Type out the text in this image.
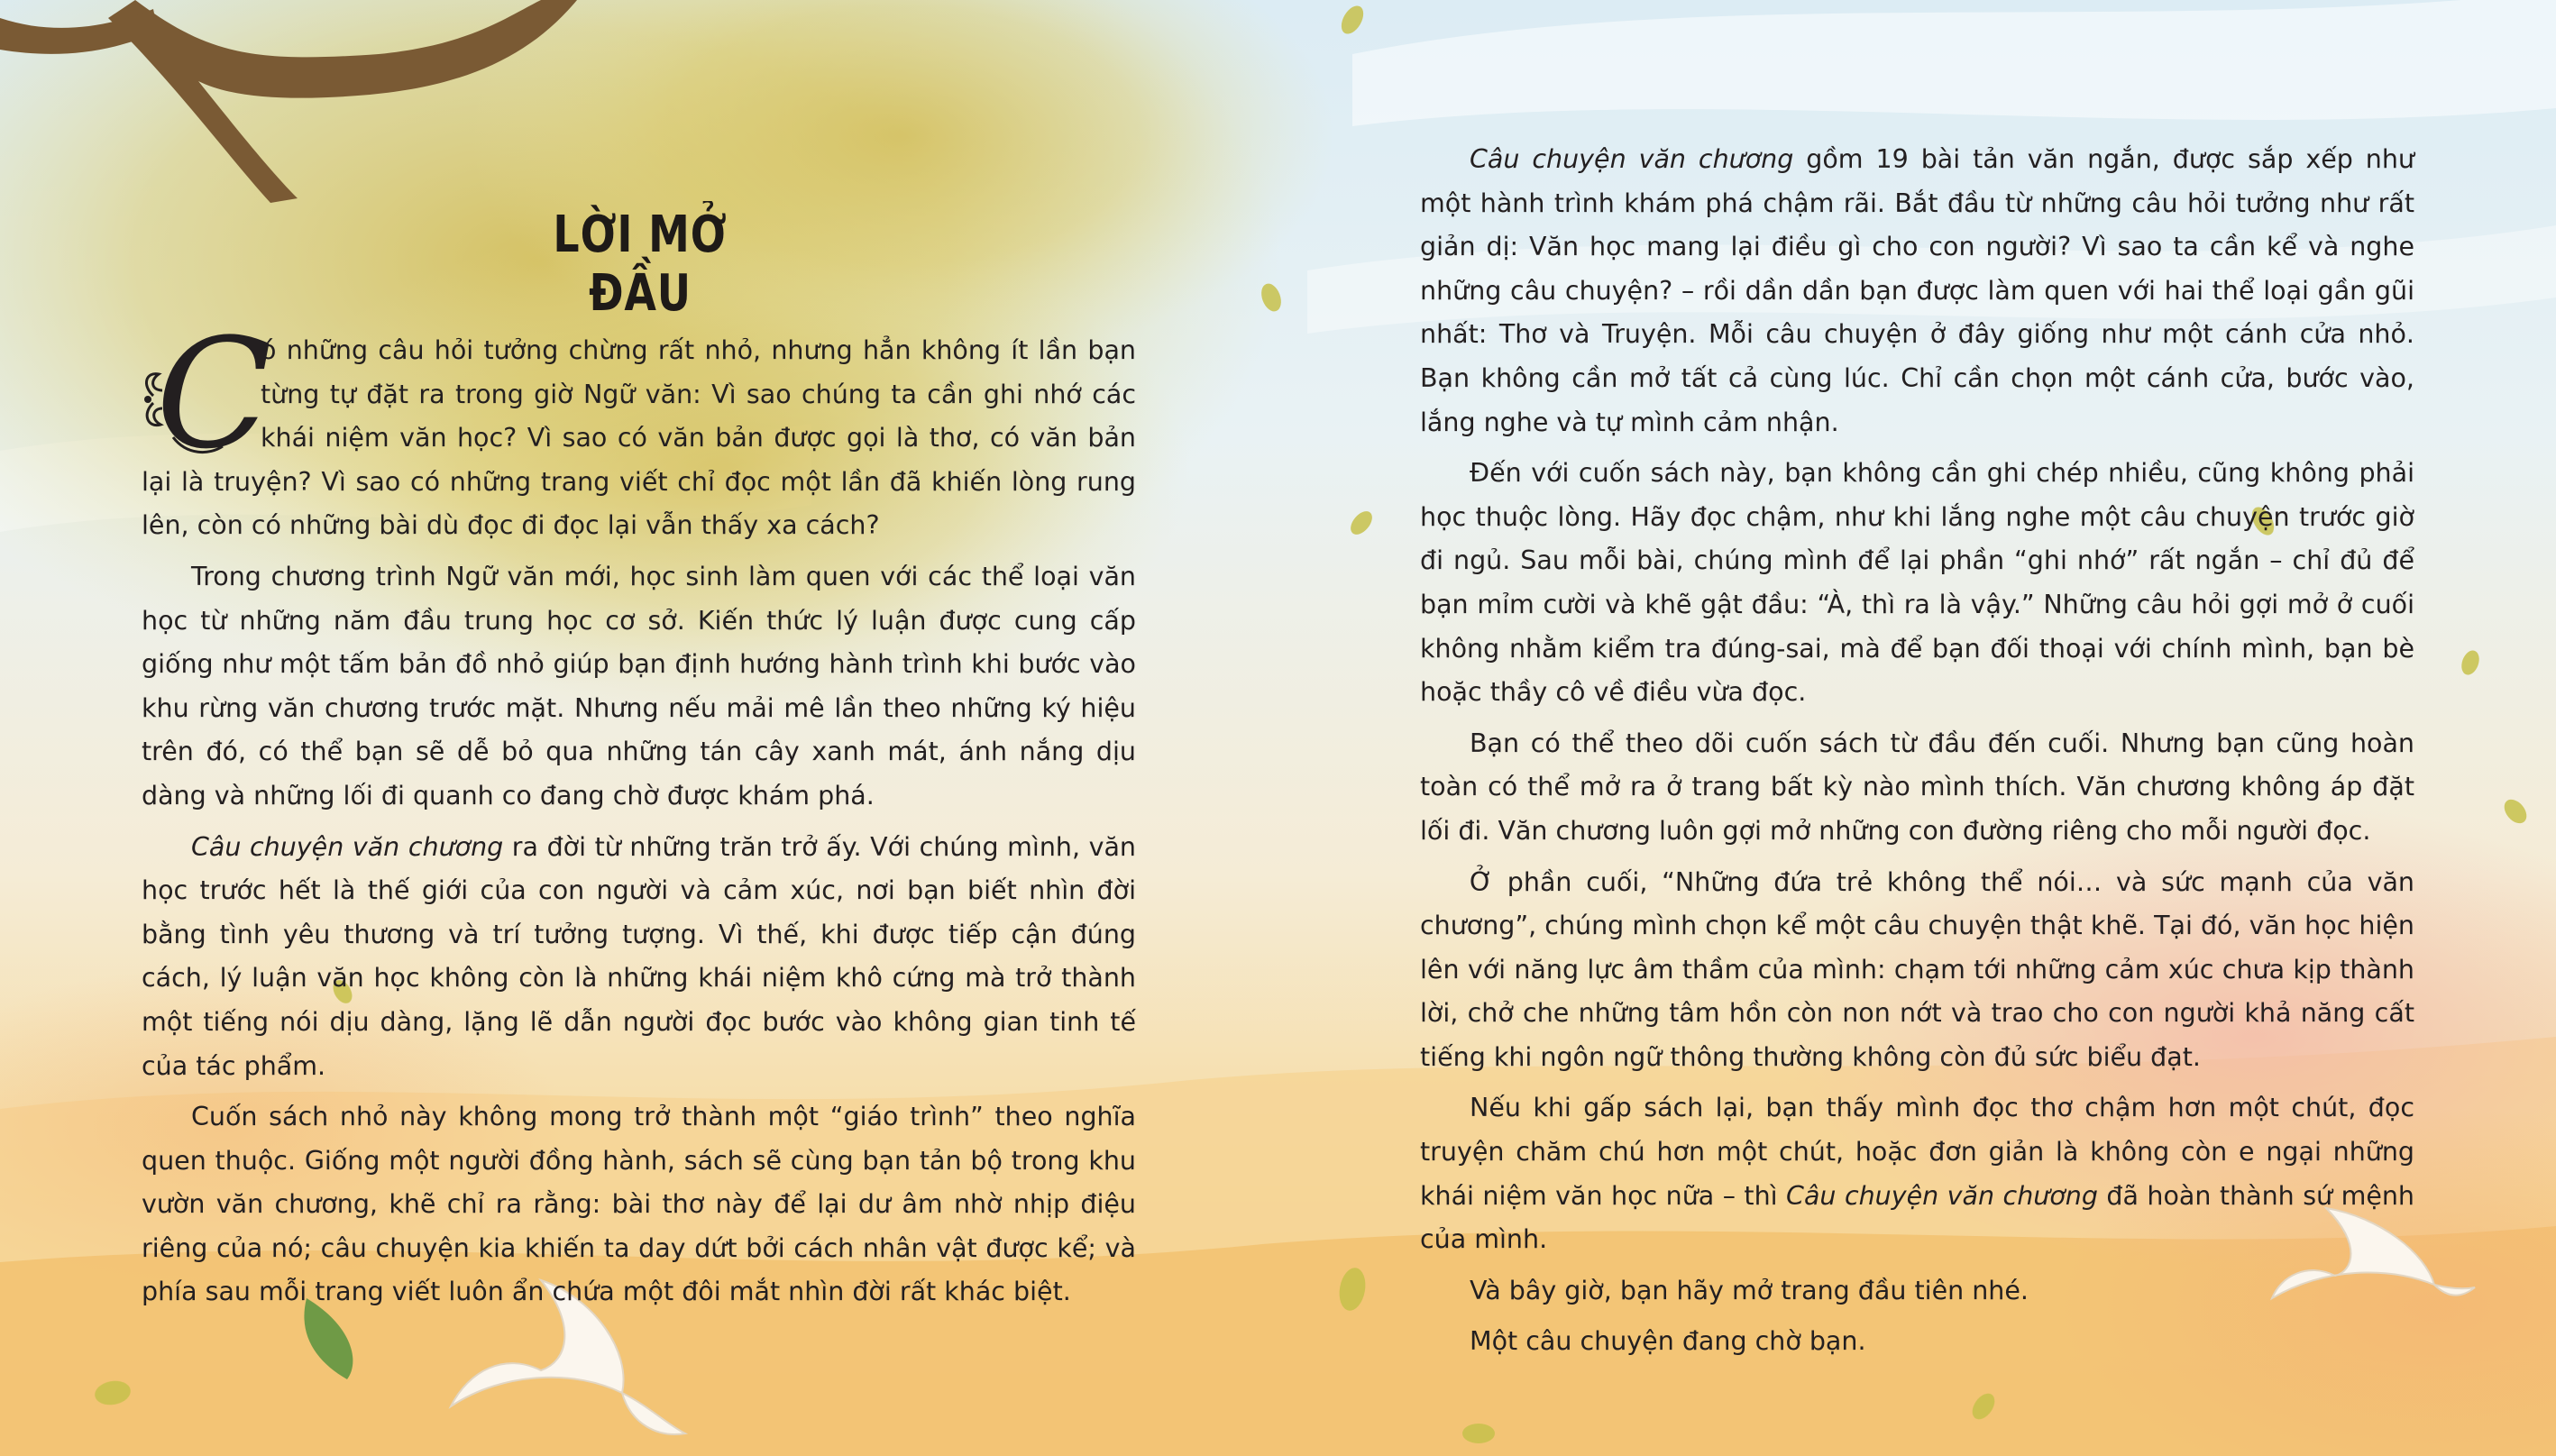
LỜI MỞ ĐẦU

C
ó những câu hỏi tưởng chừng rất nhỏ, nhưng hẳn không ít lần bạn từng tự đặt ra trong giờ Ngữ văn: Vì sao chúng ta cần ghi nhớ các khái niệm văn học? Vì sao có văn bản được gọi là thơ, có văn bản lại là truyện? Vì sao có những trang viết chỉ đọc một lần đã khiến lòng rung lên, còn có những bài dù đọc đi đọc lại vẫn thấy xa cách?

Trong chương trình Ngữ văn mới, học sinh làm quen với các thể loại văn học từ những năm đầu trung học cơ sở. Kiến thức lý luận được cung cấp giống như một tấm bản đồ nhỏ giúp bạn định hướng hành trình khi bước vào khu rừng văn chương trước mặt. Nhưng nếu mải mê lần theo những ký hiệu trên đó, có thể bạn sẽ dễ bỏ qua những tán cây xanh mát, ánh nắng dịu dàng và những lối đi quanh co đang chờ được khám phá.

Câu chuyện văn chương ra đời từ những trăn trở ấy. Với chúng mình, văn học trước hết là thế giới của con người và cảm xúc, nơi bạn biết nhìn đời bằng tình yêu thương và trí tưởng tượng. Vì thế, khi được tiếp cận đúng cách, lý luận văn học không còn là những khái niệm khô cứng mà trở thành một tiếng nói dịu dàng, lặng lẽ dẫn người đọc bước vào không gian tinh tế của tác phẩm.

Cuốn sách nhỏ này không mong trở thành một “giáo trình” theo nghĩa quen thuộc. Giống một người đồng hành, sách sẽ cùng bạn tản bộ trong khu vườn văn chương, khẽ chỉ ra rằng: bài thơ này để lại dư âm nhờ nhịp điệu riêng của nó; câu chuyện kia khiến ta day dứt bởi cách nhân vật được kể; và phía sau mỗi trang viết luôn ẩn chứa một đôi mắt nhìn đời rất khác biệt.

Câu chuyện văn chương gồm 19 bài tản văn ngắn, được sắp xếp như một hành trình khám phá chậm rãi. Bắt đầu từ những câu hỏi tưởng như rất giản dị: Văn học mang lại điều gì cho con người? Vì sao ta cần kể và nghe những câu chuyện? – rồi dần dần bạn được làm quen với hai thể loại gần gũi nhất: Thơ và Truyện. Mỗi câu chuyện ở đây giống như một cánh cửa nhỏ. Bạn không cần mở tất cả cùng lúc. Chỉ cần chọn một cánh cửa, bước vào, lắng nghe và tự mình cảm nhận.

Đến với cuốn sách này, bạn không cần ghi chép nhiều, cũng không phải học thuộc lòng. Hãy đọc chậm, như khi lắng nghe một câu chuyện trước giờ đi ngủ. Sau mỗi bài, chúng mình để lại phần “ghi nhớ” rất ngắn – chỉ đủ để bạn mỉm cười và khẽ gật đầu: “À, thì ra là vậy.” Những câu hỏi gợi mở ở cuối không nhằm kiểm tra đúng-sai, mà để bạn đối thoại với chính mình, bạn bè hoặc thầy cô về điều vừa đọc.

Bạn có thể theo dõi cuốn sách từ đầu đến cuối. Nhưng bạn cũng hoàn toàn có thể mở ra ở trang bất kỳ nào mình thích. Văn chương không áp đặt lối đi. Văn chương luôn gợi mở những con đường riêng cho mỗi người đọc.

Ở phần cuối, “Những đứa trẻ không thể nói… và sức mạnh của văn chương”, chúng mình chọn kể một câu chuyện thật khẽ. Tại đó, văn học hiện lên với năng lực âm thầm của mình: chạm tới những cảm xúc chưa kịp thành lời, chở che những tâm hồn còn non nớt và trao cho con người khả năng cất tiếng khi ngôn ngữ thông thường không còn đủ sức biểu đạt.

Nếu khi gấp sách lại, bạn thấy mình đọc thơ chậm hơn một chút, đọc truyện chăm chú hơn một chút, hoặc đơn giản là không còn e ngại những khái niệm văn học nữa – thì Câu chuyện văn chương đã hoàn thành sứ mệnh của mình.

Và bây giờ, bạn hãy mở trang đầu tiên nhé.

Một câu chuyện đang chờ bạn.
